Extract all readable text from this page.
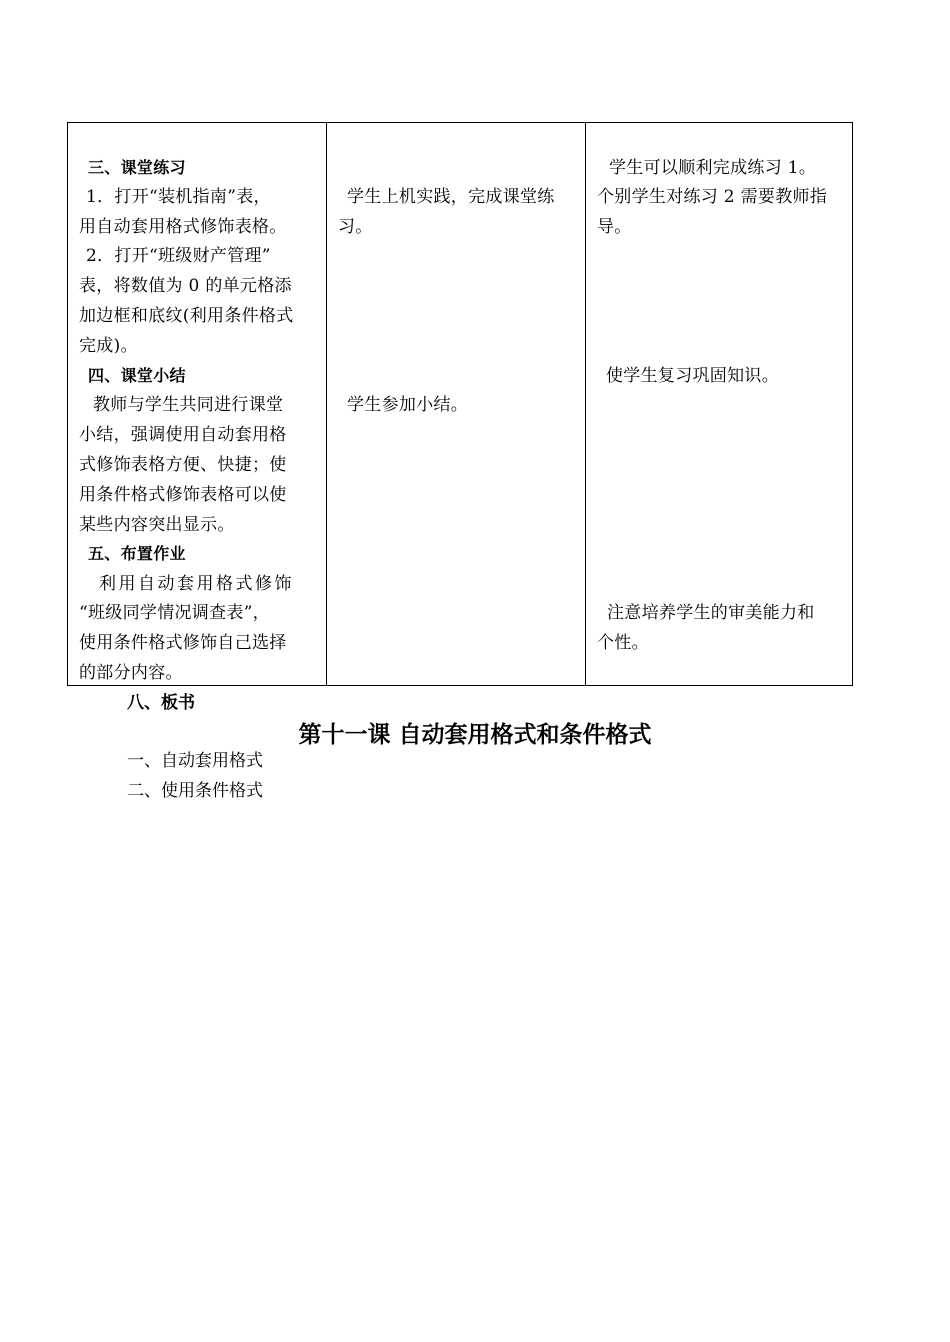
三、课堂练习
1．打开“装机指南”表，
用自动套用格式修饰表格。
2．打开“班级财产管理”
表，将数值为 0 的单元格添
加边框和底纹(利用条件格式
完成)。
四、课堂小结
教师与学生共同进行课堂
小结，强调使用自动套用格
式修饰表格方便、快捷；使
用条件格式修饰表格可以使
某些内容突出显示。
五、布置作业
利用自动套用格式修饰
“班级同学情况调查表”，
使用条件格式修饰自己选择
的部分内容。
学生上机实践，完成课堂练
习。
学生参加小结。
学生可以顺利完成练习 1。
个别学生对练习 2 需要教师指
导。
使学生复习巩固知识。
注意培养学生的审美能力和
个性。
八、板书
第十一课 自动套用格式和条件格式
一、自动套用格式
二、使用条件格式
